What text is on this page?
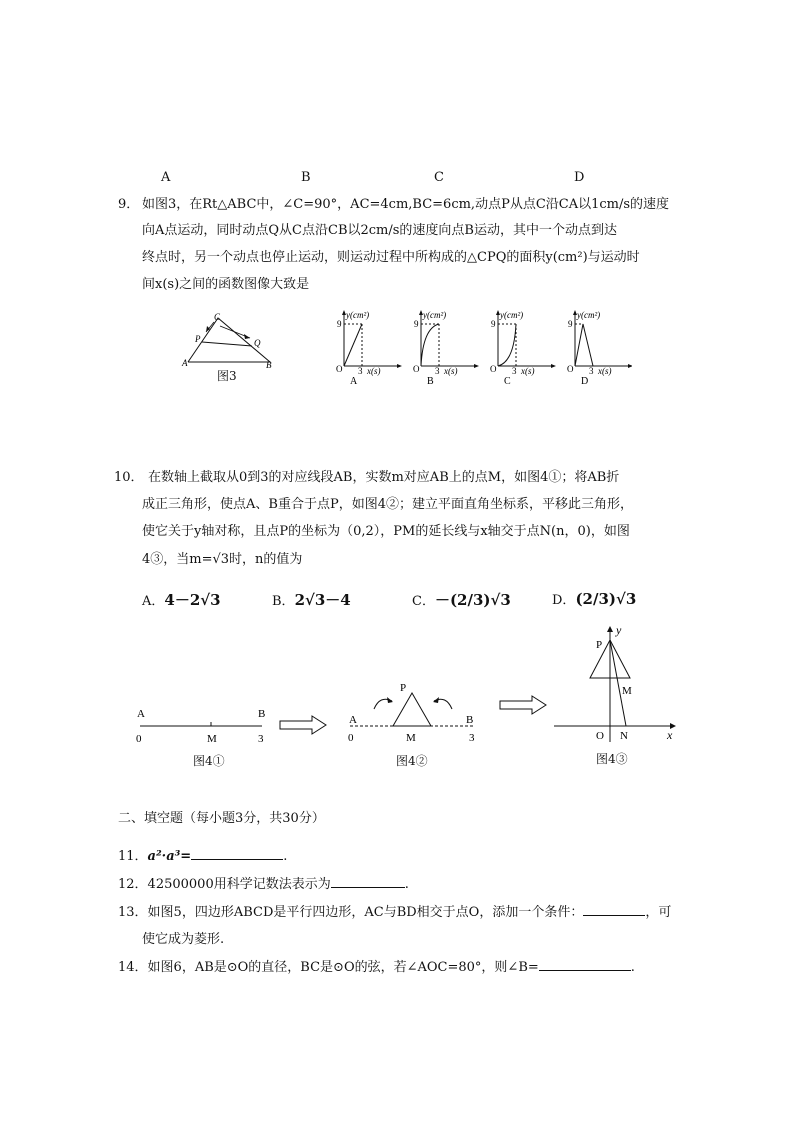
A	B	C	D
9． 如图3，在Rt△ABC中，∠C=90°，AC=4cm,BC=6cm,动点P从点C沿CA以1cm/s的速度
向A点运动，同时动点Q从C点沿CB以2cm/s的速度向点B运动，其中一个动点到达
终点时，另一个动点也停止运动，则运动过程中所构成的△CPQ的面积y(cm²)与运动时
间x(s)之间的函数图像大致是
C
P	Q
A	B
图3
y(cm²)
9
O 3 x(s)
A
y(cm²)
9
O 3 x(s)
B
y(cm²)
9
O 3 x(s)
C
y(cm²)
9
O 3 x(s)
D
10． 在数轴上截取从0到3的对应线段AB，实数m对应AB上的点M，如图4①；将AB折
成正三角形，使点A、B重合于点P，如图4②；建立平面直角坐标系，平移此三角形，
使它关于y轴对称，且点P的坐标为（0,2），PM的延长线与x轴交于点N(n，0)，如图
4③，当m=√3时，n的值为
A．4－2√3	B．2√3－4	C．－(2/3)√3	D．(2/3)√3
A	B
0	M	3
图4①
P
A	B
0	M	3
图4②
P
M
O N	x
y
图4③
二、填空题（每小题3分，共30分）
11．a²·a³=	.
12．42500000用科学记数法表示为	.
13．如图5，四边形ABCD是平行四边形，AC与BD相交于点O，添加一个条件：	，可
使它成为菱形.
14．如图6，AB是⊙O的直径，BC是⊙O的弦，若∠AOC=80°，则∠B=	.
